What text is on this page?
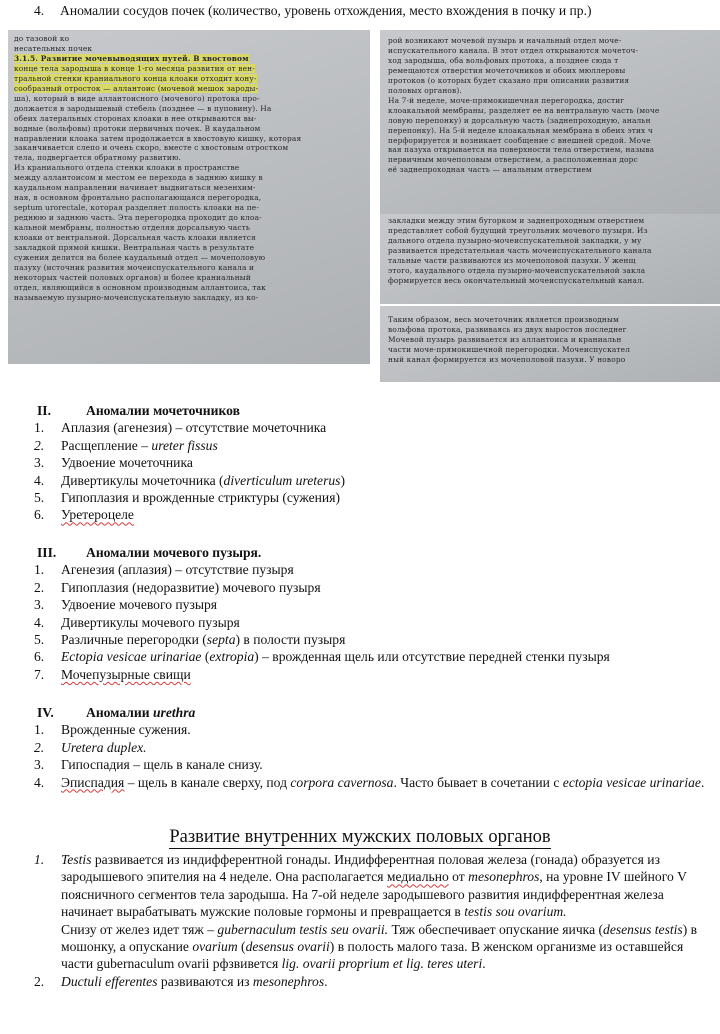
4. Аномалии сосудов почек (количество, уровень отхождения, место вхождения в почку и пр.)

до тазовой ко

несательных почек

3.1.5. Развитие мочевыводящих путей. В хвостовом

конце тела зародыша в конце 1-го месяца развития от вен-

тральной стенки краниального конца клоаки отходит кону-

сообразный отросток — аллантоис (мочевой мешок зароды-

ша), который в виде аллантоисного (мочевого) протока про-

должается в зародышевый стебель (позднее — в пуповину). На

обеих латеральных сторонах клоаки в нее открываются вы-

водные (вольфовы) протоки первичных почек. В каудальном

направлении клоака затем продолжается в хвостовую кишку, которая

заканчивается слепо и очень скоро, вместе с хвостовым отростком

тела, подвергается обратному развитию.

Из краниального отдела стенки клоаки в пространстве

между аллантоисом и местом ее перехода в заднюю кишку в

каудальном направлении начинает выдвигаться мезенхим-

ная, в основном фронтально располагающаяся перегородка,

septum urorectale, которая разделяет полость клоаки на пе-

реднюю и заднюю часть. Эта перегородка проходит до клоа-

кальной мембраны, полностью отделяя дорсальную часть

клоаки от вентральной. Дорсальная часть клоаки является

закладкой прямой кишки. Вентральная часть в результате

сужения делится на более каудальный отдел — мочеполовую

пазуху (источник развития мочеиспускательного канала и

некоторых частей половых органов) и более краниальный

отдел, являющийся в основном производным аллантоиса, так

называемую пузырно-мочеиспускательную закладку, из ко-

рой возникают мочевой пузырь и начальный отдел моче-

испускательного канала. В этот отдел открываются мочеточ-

ход зародыша, оба вольфовых протока, а позднее сюда т

ремещаются отверстия мочеточников и обоих мюллеровы

протоков (о которых будет сказано при описании развития

половых органов).

На 7-й неделе, моче-прямокишечная перегородка, достиг

клоакальной мембраны, разделяет ее на вентральную часть (моче

ловую перепонку) и дорсальную часть (заднепроходную, анальн

перепонку). На 5-й неделе клоакальная мембрана в обеих этих ч

перфорируется и возникает сообщение с внешней средой. Моче

вая пазуха открывается на поверхности тела отверстием, называ

первичным мочеполовым отверстием, а расположенная дорс

её заднепроходная часть — анальным отверстием

закладки между этим бугорком и заднепроходным отверстием

представляет собой будущий треугольник мочевого пузыря. Из

дального отдела пузырно-мочеиспускательной закладки, у му

развивается предстательная часть мочеиспускательного канала

тальные части развиваются из мочеполовой пазухи. У женщ

этого, каудального отдела пузырно-мочеиспускательной закла

формируется весь окончательный мочеиспускательный канал.

Таким образом, весь мочеточник является производным

вольфова протока, развиваясь из двух выростов последнег

Мочевой пузырь развивается из аллантоиса и краниальн

части моче-прямокишечной перегородки. Мочеиспускател

ный канал формируется из мочеполовой пазухи. У новоро

II.	Аномалии мочеточников
1. Аплазия (агенезия) – отсутствие мочеточника
2. Расщепление – ureter fissus
3. Удвоение мочеточника
4. Дивертикулы мочеточника (diverticulum ureterus)
5. Гипоплазия и врожденные стриктуры (сужения)
6. Уретероцеле
III. Аномалии мочевого пузыря.
1. Агенезия (аплазия) – отсутствие пузыря
2. Гипоплазия (недоразвитие) мочевого пузыря
3. Удвоение мочевого пузыря
4. Дивертикулы мочевого пузыря
5. Различные перегородки (septa) в полости пузыря
6. Ectopia vesicae urinariae (extropia) – врожденная щель или отсутствие передней стенки пузыря
7. Мочепузырные свищи
IV. Аномалии urethra
1. Врожденные сужения.
2. Uretera duplex.
3. Гипоспадия – щель в канале снизу.
4. Эписпадия – щель в канале сверху, под corpora cavernosa. Часто бывает в сочетании с ectopia vesicae urinariae.
Развитие внутренних мужских половых органов
1. Testis развивается из индифферентной гонады. Индифферентная половая железа (гонада) образуется из зародышевого эпителия на 4 неделе. Она располагается медиально от mesonephros, на уровне IV шейного V поясничного сегментов тела зародыша. На 7-ой неделе зародышевого развития индифферентная железа начинает вырабатывать мужские половые гормоны и превращается в testis sou ovarium.
Снизу от желез идет тяж – gubernaculum testis seu ovarii. Тяж обеспечивает опускание яичка (desensus testis) в мошонку, а опускание ovarium (desensus ovarii) в полость малого таза. В женском организме из оставшейся части gubernaculum ovarii рфзвивется lig. ovarii proprium et lig. teres uteri.
2. Ductuli efferentes развиваются из mesonephros.
